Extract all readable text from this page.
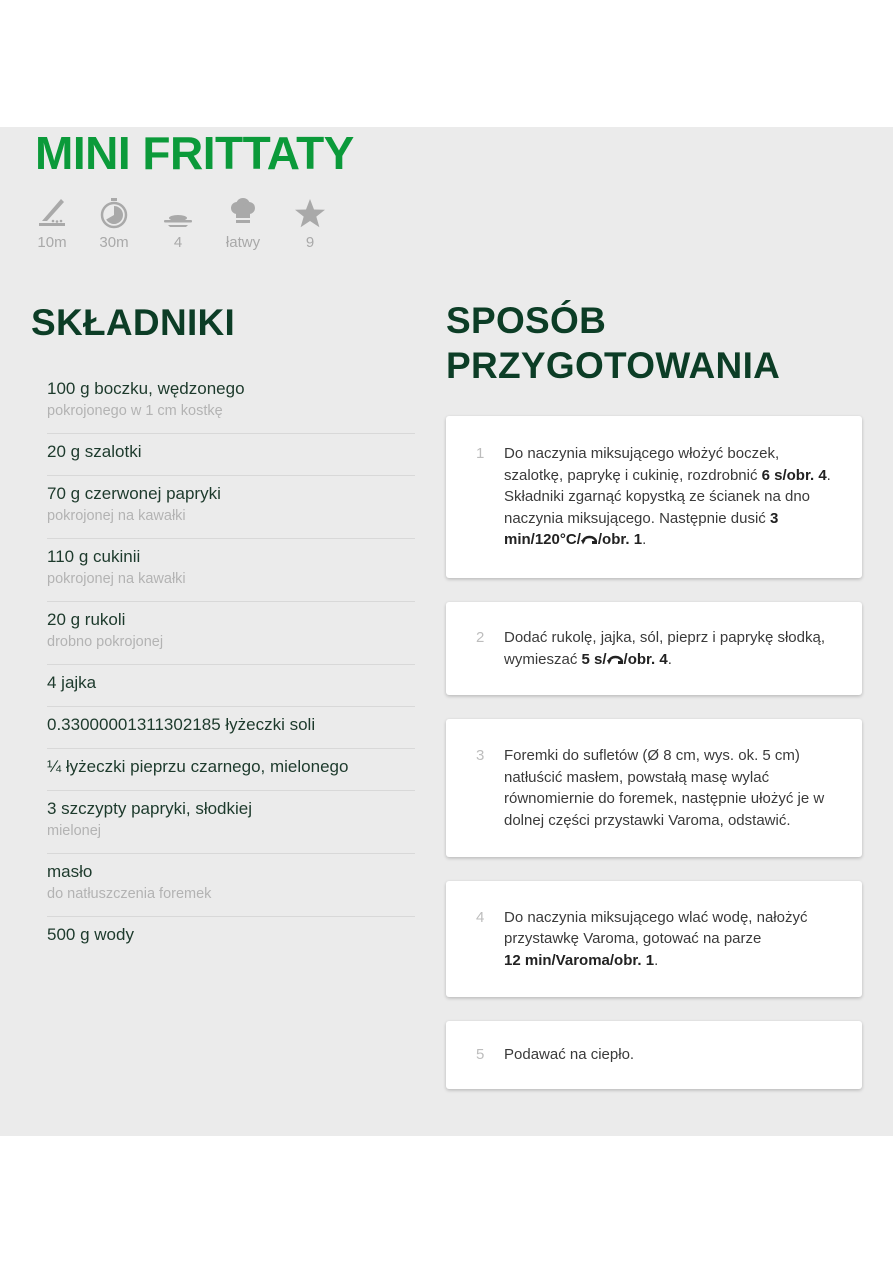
MINI FRITTATY
10m	30m	4	łatwy	9
SKŁADNIKI
100 g boczku, wędzonego
pokrojonego w 1 cm kostkę
20 g szalotki
70 g czerwonej papryki
pokrojonej na kawałki
110 g cukinii
pokrojonej na kawałki
20 g rukoli
drobno pokrojonej
4 jajka
0.33000001311302185 łyżeczki soli
¼ łyżeczki pieprzu czarnego, mielonego
3 szczypty papryki, słodkiej
mielonej
masło
do natłuszczenia foremek
500 g wody
SPOSÓB
PRZYGOTOWANIA
1	Do naczynia miksującego włożyć boczek, szalotkę, paprykę i cukinię, rozdrobnić 6 s/obr. 4. Składniki zgarnąć kopystką ze ścianek na dno naczynia miksującego. Następnie dusić 3 min/120°C/ /obr. 1.
2	Dodać rukolę, jajka, sól, pieprz i paprykę słodką, wymieszać 5 s/ /obr. 4.
3	Foremki do sufletów (Ø 8 cm, wys. ok. 5 cm) natłuścić masłem, powstałą masę wylać równomiernie do foremek, następnie ułożyć je w dolnej części przystawki Varoma, odstawić.
4	Do naczynia miksującego wlać wodę, nałożyć przystawkę Varoma, gotować na parze
12 min/Varoma/obr. 1.
5	Podawać na ciepło.
